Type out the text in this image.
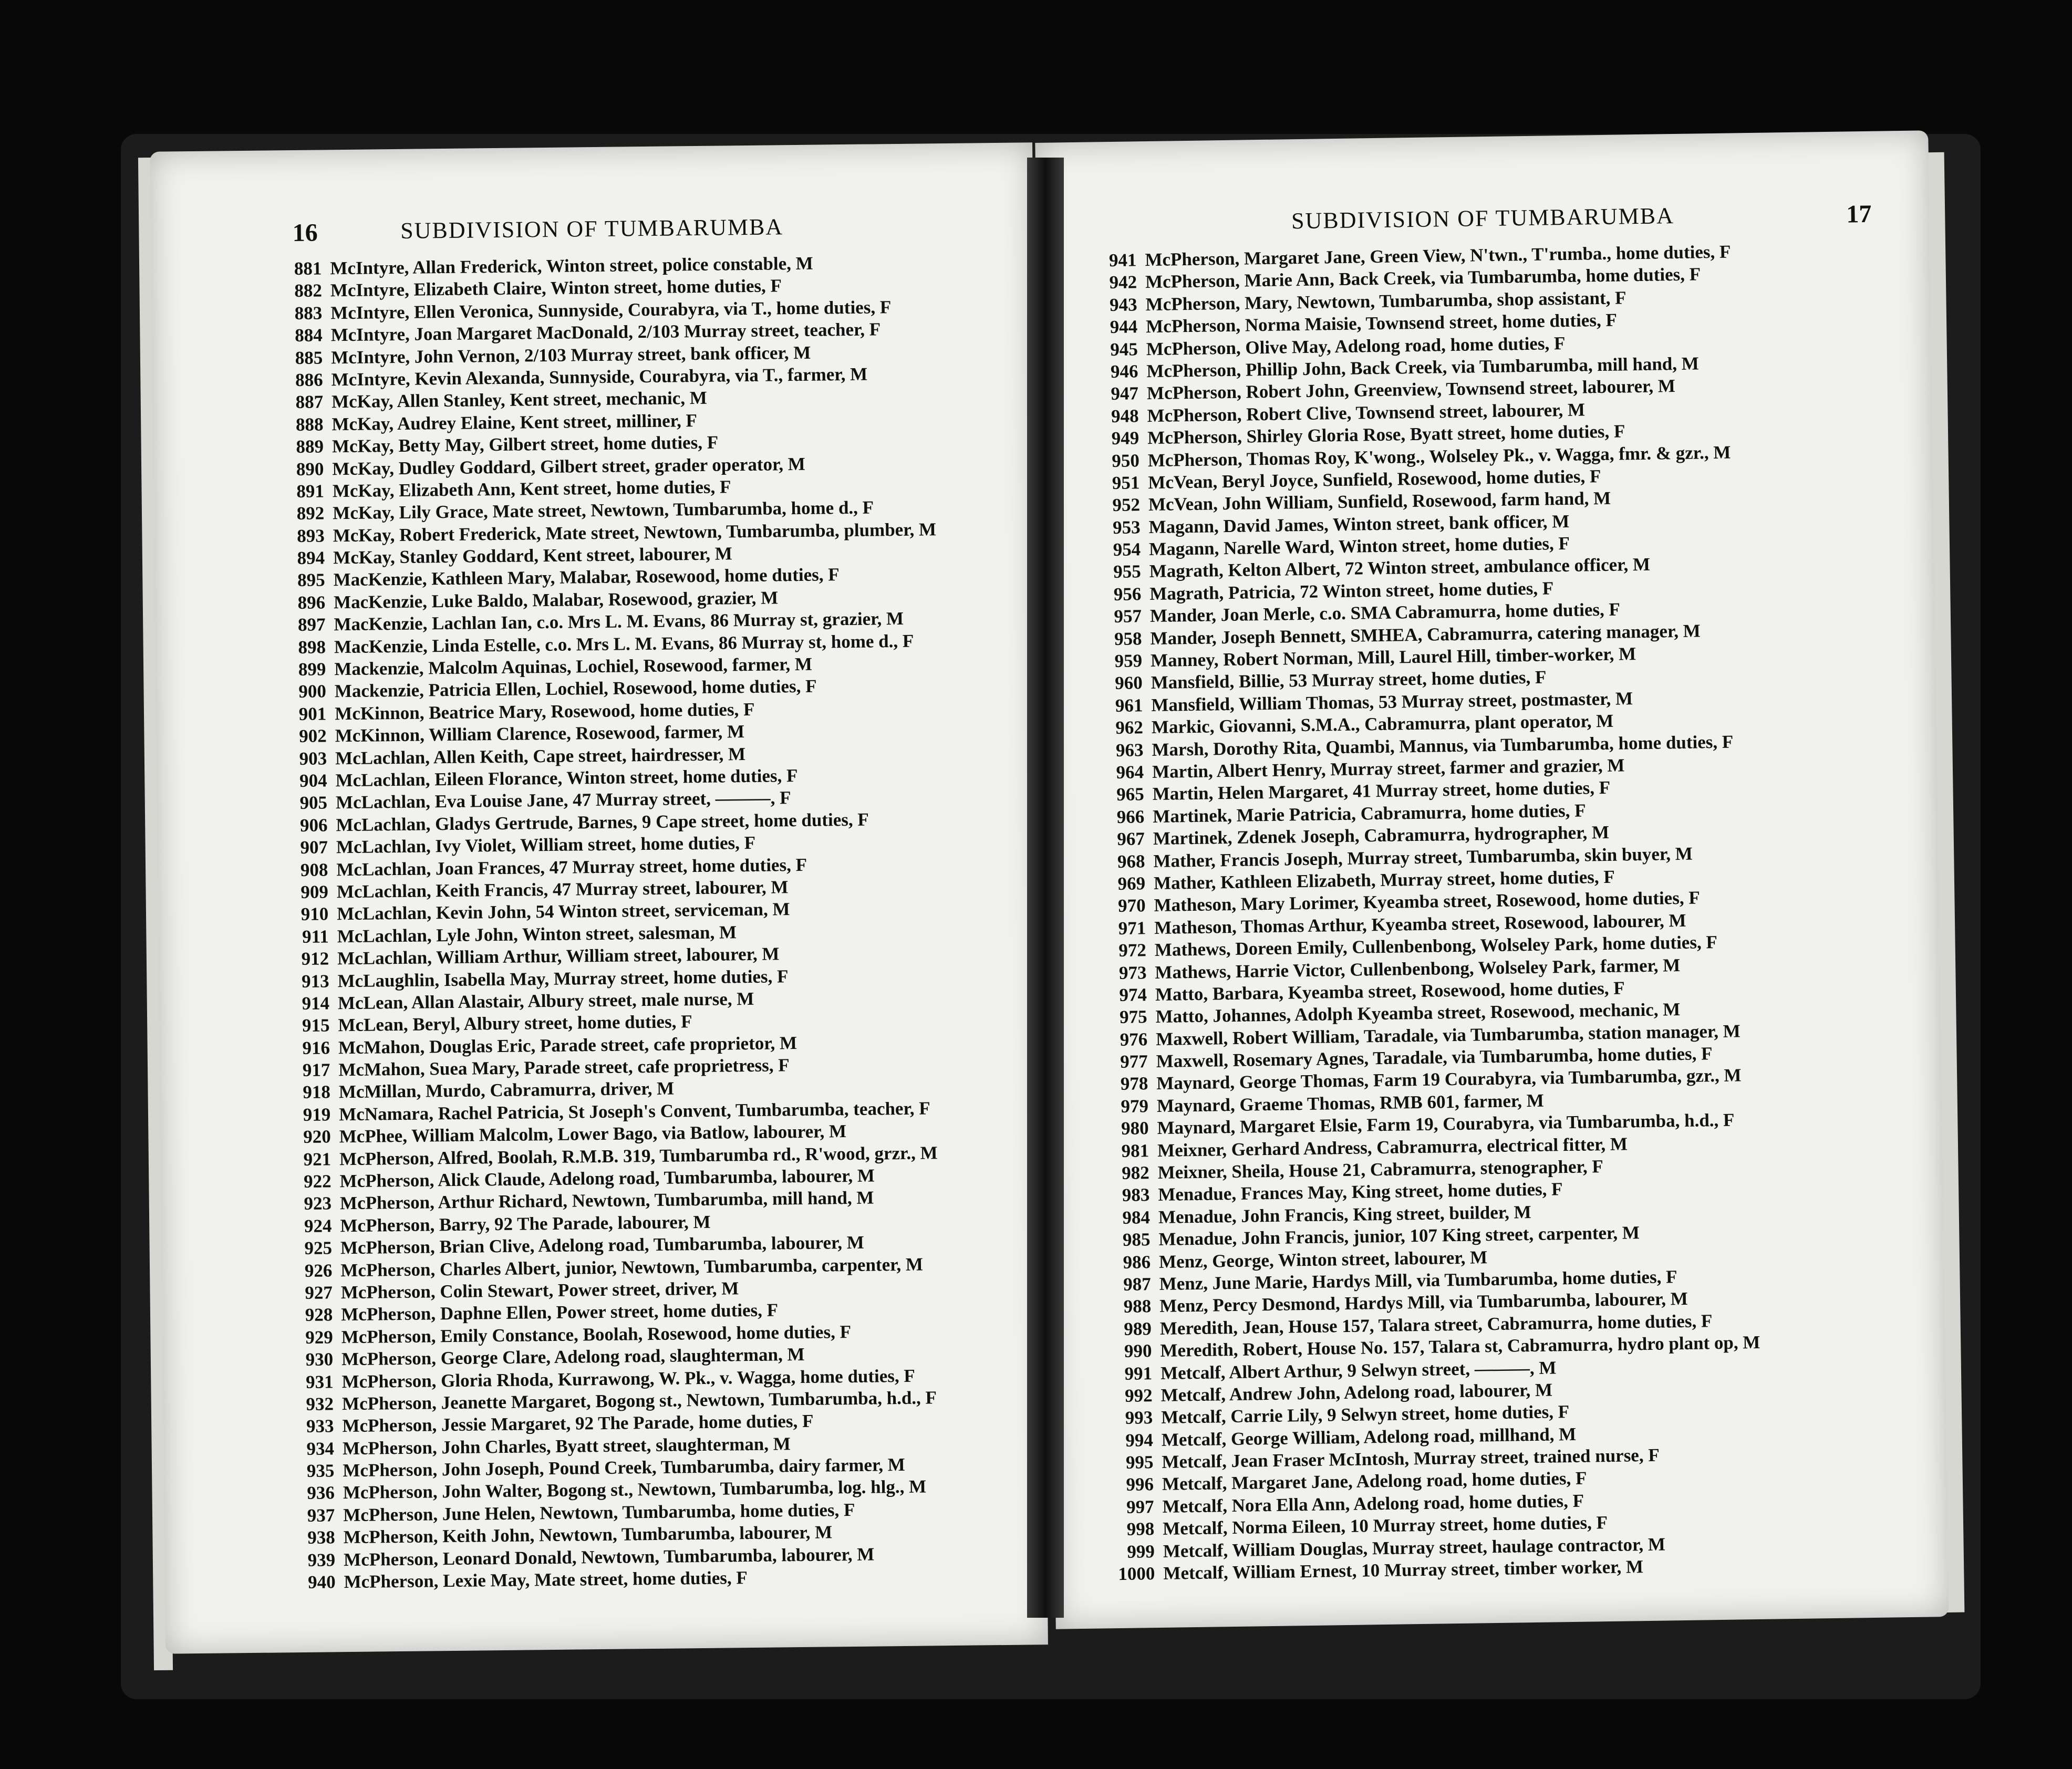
16	SUBDIVISION OF TUMBARUMBA
881 McIntyre, Allan Frederick, Winton street, police constable, M
882 McIntyre, Elizabeth Claire, Winton street, home duties, F
883 McIntyre, Ellen Veronica, Sunnyside, Courabyra, via T., home duties, F
884 McIntyre, Joan Margaret MacDonald, 2/103 Murray street, teacher, F
885 McIntyre, John Vernon, 2/103 Murray street, bank officer, M
886 McIntyre, Kevin Alexanda, Sunnyside, Courabyra, via T., farmer, M
887 McKay, Allen Stanley, Kent street, mechanic, M
888 McKay, Audrey Elaine, Kent street, milliner, F
889 McKay, Betty May, Gilbert street, home duties, F
890 McKay, Dudley Goddard, Gilbert street, grader operator, M
891 McKay, Elizabeth Ann, Kent street, home duties, F
892 McKay, Lily Grace, Mate street, Newtown, Tumbarumba, home d., F
893 McKay, Robert Frederick, Mate street, Newtown, Tumbarumba, plumber, M
894 McKay, Stanley Goddard, Kent street, labourer, M
895 MacKenzie, Kathleen Mary, Malabar, Rosewood, home duties, F
896 MacKenzie, Luke Baldo, Malabar, Rosewood, grazier, M
897 MacKenzie, Lachlan Ian, c.o. Mrs L. M. Evans, 86 Murray st, grazier, M
898 MacKenzie, Linda Estelle, c.o. Mrs L. M. Evans, 86 Murray st, home d., F
899 Mackenzie, Malcolm Aquinas, Lochiel, Rosewood, farmer, M
900 Mackenzie, Patricia Ellen, Lochiel, Rosewood, home duties, F
901 McKinnon, Beatrice Mary, Rosewood, home duties, F
902 McKinnon, William Clarence, Rosewood, farmer, M
903 McLachlan, Allen Keith, Cape street, hairdresser, M
904 McLachlan, Eileen Florance, Winton street, home duties, F
905 McLachlan, Eva Louise Jane, 47 Murray street, ———, F
906 McLachlan, Gladys Gertrude, Barnes, 9 Cape street, home duties, F
907 McLachlan, Ivy Violet, William street, home duties, F
908 McLachlan, Joan Frances, 47 Murray street, home duties, F
909 McLachlan, Keith Francis, 47 Murray street, labourer, M
910 McLachlan, Kevin John, 54 Winton street, serviceman, M
911 McLachlan, Lyle John, Winton street, salesman, M
912 McLachlan, William Arthur, William street, labourer, M
913 McLaughlin, Isabella May, Murray street, home duties, F
914 McLean, Allan Alastair, Albury street, male nurse, M
915 McLean, Beryl, Albury street, home duties, F
916 McMahon, Douglas Eric, Parade street, cafe proprietor, M
917 McMahon, Suea Mary, Parade street, cafe proprietress, F
918 McMillan, Murdo, Cabramurra, driver, M
919 McNamara, Rachel Patricia, St Joseph's Convent, Tumbarumba, teacher, F
920 McPhee, William Malcolm, Lower Bago, via Batlow, labourer, M
921 McPherson, Alfred, Boolah, R.M.B. 319, Tumbarumba rd., R'wood, grzr., M
922 McPherson, Alick Claude, Adelong road, Tumbarumba, labourer, M
923 McPherson, Arthur Richard, Newtown, Tumbarumba, mill hand, M
924 McPherson, Barry, 92 The Parade, labourer, M
925 McPherson, Brian Clive, Adelong road, Tumbarumba, labourer, M
926 McPherson, Charles Albert, junior, Newtown, Tumbarumba, carpenter, M
927 McPherson, Colin Stewart, Power street, driver, M
928 McPherson, Daphne Ellen, Power street, home duties, F
929 McPherson, Emily Constance, Boolah, Rosewood, home duties, F
930 McPherson, George Clare, Adelong road, slaughterman, M
931 McPherson, Gloria Rhoda, Kurrawong, W. Pk., v. Wagga, home duties, F
932 McPherson, Jeanette Margaret, Bogong st., Newtown, Tumbarumba, h.d., F
933 McPherson, Jessie Margaret, 92 The Parade, home duties, F
934 McPherson, John Charles, Byatt street, slaughterman, M
935 McPherson, John Joseph, Pound Creek, Tumbarumba, dairy farmer, M
936 McPherson, John Walter, Bogong st., Newtown, Tumbarumba, log. hlg., M
937 McPherson, June Helen, Newtown, Tumbarumba, home duties, F
938 McPherson, Keith John, Newtown, Tumbarumba, labourer, M
939 McPherson, Leonard Donald, Newtown, Tumbarumba, labourer, M
940 McPherson, Lexie May, Mate street, home duties, F
17
SUBDIVISION OF TUMBARUMBA
941 McPherson, Margaret Jane, Green View, N'twn., T'rumba., home duties, F
942 McPherson, Marie Ann, Back Creek, via Tumbarumba, home duties, F
943 McPherson, Mary, Newtown, Tumbarumba, shop assistant, F
944 McPherson, Norma Maisie, Townsend street, home duties, F
945 McPherson, Olive May, Adelong road, home duties, F
946 McPherson, Phillip John, Back Creek, via Tumbarumba, mill hand, M
947 McPherson, Robert John, Greenview, Townsend street, labourer, M
948 McPherson, Robert Clive, Townsend street, labourer, M
949 McPherson, Shirley Gloria Rose, Byatt street, home duties, F
950 McPherson, Thomas Roy, K'wong., Wolseley Pk., v. Wagga, fmr. & gzr., M
951 McVean, Beryl Joyce, Sunfield, Rosewood, home duties, F
952 McVean, John William, Sunfield, Rosewood, farm hand, M
953 Magann, David James, Winton street, bank officer, M
954 Magann, Narelle Ward, Winton street, home duties, F
955 Magrath, Kelton Albert, 72 Winton street, ambulance officer, M
956 Magrath, Patricia, 72 Winton street, home duties, F
957 Mander, Joan Merle, c.o. SMA Cabramurra, home duties, F
958 Mander, Joseph Bennett, SMHEA, Cabramurra, catering manager, M
959 Manney, Robert Norman, Mill, Laurel Hill, timber-worker, M
960 Mansfield, Billie, 53 Murray street, home duties, F
961 Mansfield, William Thomas, 53 Murray street, postmaster, M
962 Markic, Giovanni, S.M.A., Cabramurra, plant operator, M
963 Marsh, Dorothy Rita, Quambi, Mannus, via Tumbarumba, home duties, F
964 Martin, Albert Henry, Murray street, farmer and grazier, M
965 Martin, Helen Margaret, 41 Murray street, home duties, F
966 Martinek, Marie Patricia, Cabramurra, home duties, F
967 Martinek, Zdenek Joseph, Cabramurra, hydrographer, M
968 Mather, Francis Joseph, Murray street, Tumbarumba, skin buyer, M
969 Mather, Kathleen Elizabeth, Murray street, home duties, F
970 Matheson, Mary Lorimer, Kyeamba street, Rosewood, home duties, F
971 Matheson, Thomas Arthur, Kyeamba street, Rosewood, labourer, M
972 Mathews, Doreen Emily, Cullenbenbong, Wolseley Park, home duties, F
973 Mathews, Harrie Victor, Cullenbenbong, Wolseley Park, farmer, M
974 Matto, Barbara, Kyeamba street, Rosewood, home duties, F
975 Matto, Johannes, Adolph Kyeamba street, Rosewood, mechanic, M
976 Maxwell, Robert William, Taradale, via Tumbarumba, station manager, M
977 Maxwell, Rosemary Agnes, Taradale, via Tumbarumba, home duties, F
978 Maynard, George Thomas, Farm 19 Courabyra, via Tumbarumba, gzr., M
979 Maynard, Graeme Thomas, RMB 601, farmer, M
980 Maynard, Margaret Elsie, Farm 19, Courabyra, via Tumbarumba, h.d., F
981 Meixner, Gerhard Andress, Cabramurra, electrical fitter, M
982 Meixner, Sheila, House 21, Cabramurra, stenographer, F
983 Menadue, Frances May, King street, home duties, F
984 Menadue, John Francis, King street, builder, M
985 Menadue, John Francis, junior, 107 King street, carpenter, M
986 Menz, George, Winton street, labourer, M
987 Menz, June Marie, Hardys Mill, via Tumbarumba, home duties, F
988 Menz, Percy Desmond, Hardys Mill, via Tumbarumba, labourer, M
989 Meredith, Jean, House 157, Talara street, Cabramurra, home duties, F
990 Meredith, Robert, House No. 157, Talara st, Cabramurra, hydro plant op, M
991 Metcalf, Albert Arthur, 9 Selwyn street, ———, M
992 Metcalf, Andrew John, Adelong road, labourer, M
993 Metcalf, Carrie Lily, 9 Selwyn street, home duties, F
994 Metcalf, George William, Adelong road, millhand, M
995 Metcalf, Jean Fraser McIntosh, Murray street, trained nurse, F
996 Metcalf, Margaret Jane, Adelong road, home duties, F
997 Metcalf, Nora Ella Ann, Adelong road, home duties, F
998 Metcalf, Norma Eileen, 10 Murray street, home duties, F
999 Metcalf, William Douglas, Murray street, haulage contractor, M
1000 Metcalf, William Ernest, 10 Murray street, timber worker, M
